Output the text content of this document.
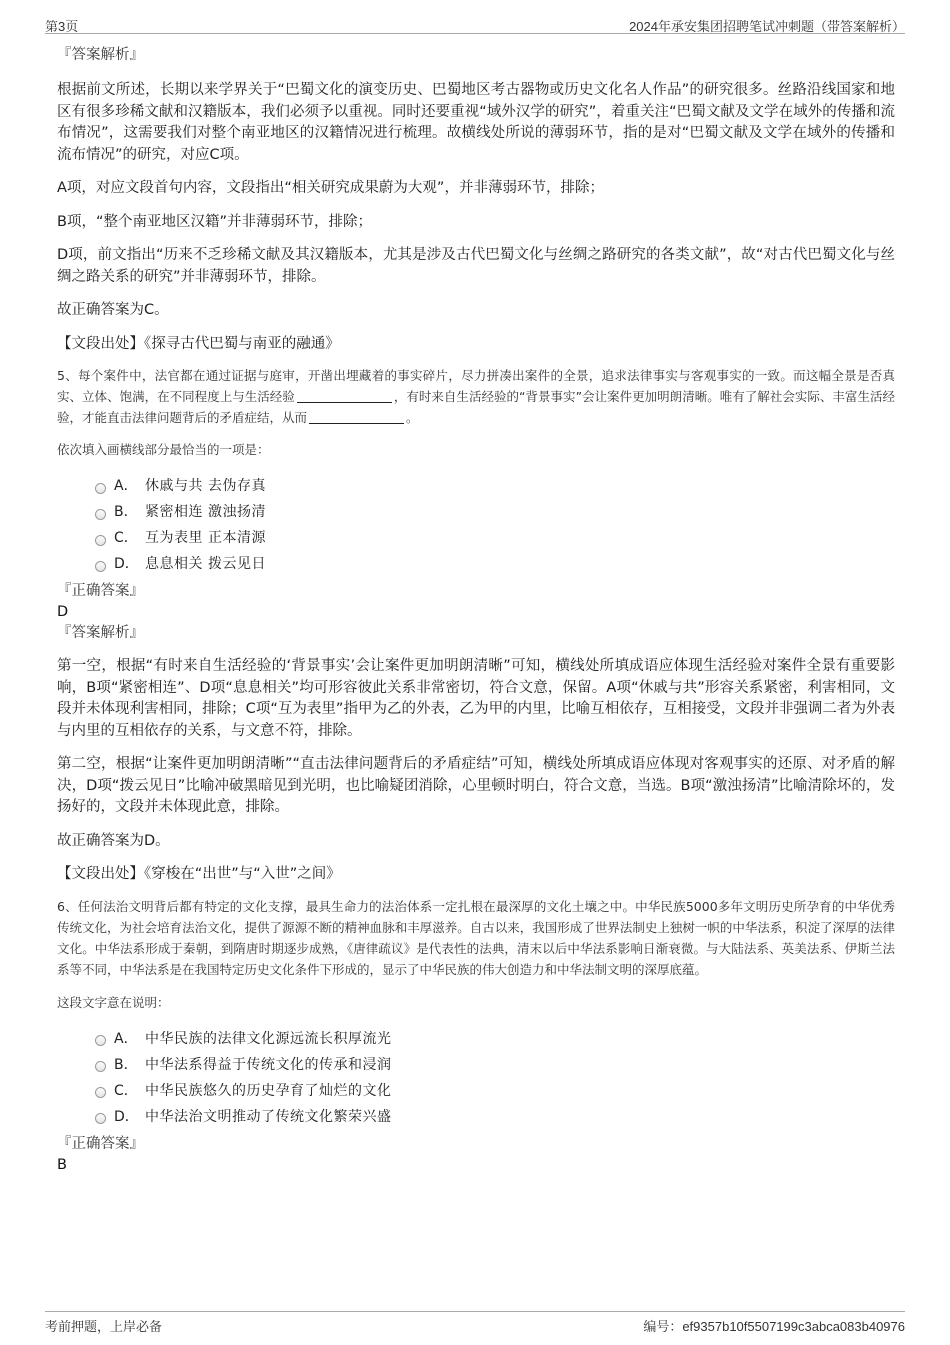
第3页	2024年承安集团招聘笔试冲刺题（带答案解析）
『答案解析』
根据前文所述，长期以来学界关于“巴蜀文化的演变历史、巴蜀地区考古器物或历史文化名人作品”的研究很多。丝路沿线国家和地区有很多珍稀文献和汉籍版本，我们必须予以重视。同时还要重视“域外汉学的研究”，着重关注“巴蜀文献及文学在域外的传播和流布情况”，这需要我们对整个南亚地区的汉籍情况进行梳理。故横线处所说的薄弱环节，指的是对“巴蜀文献及文学在域外的传播和流布情况”的研究，对应C项。
A项，对应文段首句内容，文段指出“相关研究成果蔚为大观”，并非薄弱环节，排除；
B项，“整个南亚地区汉籍”并非薄弱环节，排除；
D项，前文指出“历来不乏珍稀文献及其汉籍版本，尤其是涉及古代巴蜀文化与丝绸之路研究的各类文献”，故“对古代巴蜀文化与丝绸之路关系的研究”并非薄弱环节，排除。
故正确答案为C。
【文段出处】《探寻古代巴蜀与南亚的融通》
5、每个案件中，法官都在通过证据与庭审，开凿出埋藏着的事实碎片，尽力拼凑出案件的全景，追求法律事实与客观事实的一致。而这幅全景是否真实、立体、饱满，在不同程度上与生活经验	，有时来自生活经验的“背景事实”会让案件更加明朗清晰。唯有了解社会实际、丰富生活经验，才能直击法律问题背后的矛盾症结，从而	。
依次填入画横线部分最恰当的一项是：
A． 休戚与共 去伪存真
B． 紧密相连 激浊扬清
C． 互为表里 正本清源
D． 息息相关 拨云见日
『正确答案』
D
『答案解析』
第一空，根据“有时来自生活经验的‘背景事实’会让案件更加明朗清晰”可知，横线处所填成语应体现生活经验对案件全景有重要影响，B项“紧密相连”、D项“息息相关”均可形容彼此关系非常密切，符合文意，保留。A项“休戚与共”形容关系紧密，利害相同，文段并未体现利害相同，排除；C项“互为表里”指甲为乙的外表，乙为甲的内里，比喻互相依存，互相接受，文段并非强调二者为外表与内里的互相依存的关系，与文意不符，排除。
第二空，根据“让案件更加明朗清晰”“直击法律问题背后的矛盾症结”可知，横线处所填成语应体现对客观事实的还原、对矛盾的解决，D项“拨云见日”比喻冲破黑暗见到光明，也比喻疑团消除，心里顿时明白，符合文意，当选。B项“激浊扬清”比喻清除坏的，发扬好的，文段并未体现此意，排除。
故正确答案为D。
【文段出处】《穿梭在“出世”与“入世”之间》
6、任何法治文明背后都有特定的文化支撑，最具生命力的法治体系一定扎根在最深厚的文化土壤之中。中华民族5000多年文明历史所孕育的中华优秀传统文化，为社会培育法治文化，提供了源源不断的精神血脉和丰厚滋养。自古以来，我国形成了世界法制史上独树一帜的中华法系，积淀了深厚的法律文化。中华法系形成于秦朝，到隋唐时期逐步成熟，《唐律疏议》是代表性的法典，清末以后中华法系影响日渐衰微。与大陆法系、英美法系、伊斯兰法系等不同，中华法系是在我国特定历史文化条件下形成的，显示了中华民族的伟大创造力和中华法制文明的深厚底蕴。
这段文字意在说明：
A． 中华民族的法律文化源远流长积厚流光
B． 中华法系得益于传统文化的传承和浸润
C． 中华民族悠久的历史孕育了灿烂的文化
D． 中华法治文明推动了传统文化繁荣兴盛
『正确答案』
B
考前押题，上岸必备	编号：ef9357b10f5507199c3abca083b40976
